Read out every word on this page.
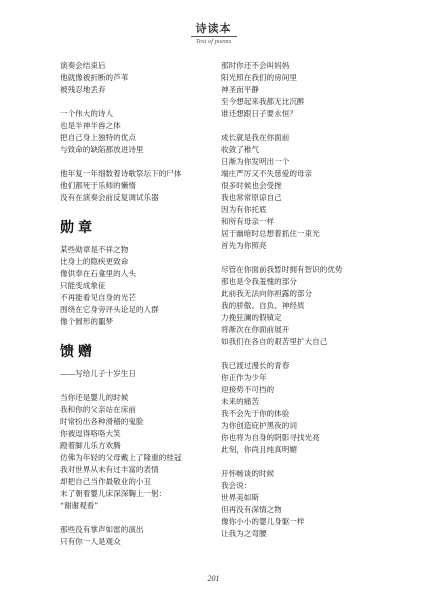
诗读本
Text of poems
演奏会结束后
他就像被折断的芦苇
被残忍地丢弃
一个伟大的诗人
也是半神半兽之体
把自己身上独特的优点
与致命的缺陷都放进诗里
他年复一年细数着诗歌祭坛下的尸体
他们都死于乐师的懒惰
没有在演奏会前反复调试乐器
勋章
某些勋章是不祥之物
比身上的隐疾更致命
像供奉在石龛里的人头
只能变成象征
不再能看见自身的光芒
围绕在它身旁评头论足的人群
像个圆形的噩梦
馈赠
——写给儿子十岁生日
当你还是婴儿的时候
我和你的父亲站在床前
时常扮出各种滑稽的鬼脸
你被逗得咯咯大笑
蹬着脚儿乐方欢腾
仿佛为年轻的父母戴上了隆重的桂冠
我对世界从未有过丰富的表情
却把自己当作最敬业的小丑
末了朝着婴儿床深深鞠上一躬：
“谢谢观看”
那些没有掌声如雷的演出
只有你一人是观众
那时你还不会叫妈妈
阳光照在我们的房间里
神圣而平静
至今想起来我都无比沉醉
谁还想跟日子要永恒？
成长就是我在你面前
收敛了稚气
日渐为你发明出一个
端庄严厉又不失慈爱的母亲
很多时候也会受挫
我也常常原谅自己
因为有你托底
和所有母亲一样
居于幽暗时总想着抓住一束光
首先为你照亮
尽管在你面前我暂时拥有智识的优势
那也是令我羞愧的部分
此前我无法向你袒露的部分
我的骄傲、自负、神经质
力挽狂澜的假镇定
将渐次在你面前展开
如我们在各自的艰苦里扩大自己
我已渡过漫长的青春
你正作为少年
迎接势不可挡的
未来的痛苦
我不会先于你的体验
为你创造庇护黑夜的词
你也将为自身的阴影寻找光亮
此刻，你尚且纯真明媚
开怀畅谈的时候
我会说：
世界美如斯
但再没有深情之物
像你小小的婴儿身躯一样
让我为之弯腰
201
